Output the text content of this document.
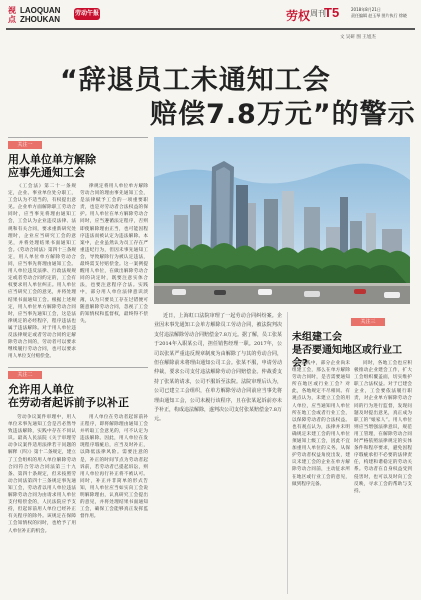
视点
LAOQUAN
ZHOUKAN
劳动午报	劳权 周刊
T5	2018年8月21日
责任编辑 赵玉琴 图片执行 徐晓
文 吴研 图 王旭杰
“辞退员工未通知工会
赔偿7.8万元”的警示
关注一
用人单位单方解除
应事先通知工会
《工会法》第二十一条规定，企业、事业单位处分职工，工会认为不适当的，有权提出意见。企业单方面解除职工劳动合同时，应当事先将理由通知工会，工会认为企业违反法律、法规和有关合同，要求重新研究处理时，企业应当研究工会的意见，并将处理结果书面通知工会。《劳动合同法》第四十三条规定，用人单位单方解除劳动合同，应当事先将理由通知工会。用人单位违反法律、行政法规规定或者劳动合同约定的，工会有权要求用人单位纠正。用人单位应当研究工会的意见，并将处理结果书面通知工会。根据上述规定，用人单位单方解除劳动合同时，应当事先通知工会，这是法律规定的必经程序，程序违法也属于违法解除。对于用人单位违反法律规定或者劳动合同约定解除劳动合同的，劳动者可以要求继续履行劳动合同，也可以要求用人单位支付赔偿金。
律规定将用人单位单方解除劳动合同的理由事先通知工会，是法律赋予工会的一项重要职责，也是对劳动者合法权益的保护。用人单位在单方解除劳动合同时，应当遵循法定程序，否则即使解除理由正当，也可能因程序违法而被认定为违法解除。本案中，企业虽然认为员工存在严重违纪行为，但因未事先通知工会，导致解除行为被认定违法，最终需支付赔偿金。这一案例提醒用人单位，在做出解除劳动合同的决定时，既要注意实体合法，也要注意程序合法。实践中，部分用人单位法律意识淡薄，认为只要员工存在过错便可随意解除劳动合同，忽视了工会的知情权和监督权，最终得不偿失。
关注二
允许用人单位
在劳动者起诉前予以补正
劳动争议案件审理中，用人单位未事先通知工会是否必然导致违法解除，实践中存在不同认识。最高人民法院《关于审理劳动争议案件适用法律若干问题的解释（四）》第十二条规定，建立了工会组织的用人单位解除劳动合同符合劳动合同法第三十九条、第四十条规定，但未按照劳动合同法第四十三条规定事先通知工会，劳动者以用人单位违法解除劳动合同为由请求用人单位支付赔偿金的，人民法院应予支持，但起诉前用人单位已经补正有关程序的除外。该规定在保障工会知情权的同时，也给予了用人单位补正的机会。
用人单位在劳动者起诉前补正程序，即将解除理由通知工会并听取工会意见的，可不认定为违法解除。因此，用人单位在发现程序瑕疵后，应当及时补正，以降低法律风险。需要注意的是，补正的时间节点为劳动者起诉前，若劳动者已提起诉讼，则用人单位再行补正将不被认可。同时，补正并非简单的形式告知，用人单位应当如实向工会说明解除理由，认真研究工会提出的意见，并将处理结果书面通知工会，确保工会能够真正发挥监督作用。
近日，上海虹口法院审理了一起劳动合同纠纷案。企业因未事先通知工会单方解除员工劳动合同，被法院判决支付违法解除劳动合同赔偿金7.8万元。据了解，员工张某于2014年入职某公司，担任销售经理一职。2017年，公司以张某严重违反规章制度为由解除了与其的劳动合同，但在解除前未将理由通知公司工会。张某不服，申请劳动仲裁，要求公司支付违法解除劳动合同赔偿金。仲裁委支持了张某的请求，公司不服诉至法院。法院审理后认为，公司已建立工会组织，在单方解除劳动合同前应当事先将理由通知工会，公司未履行该程序，且在张某起诉前亦未予补正，构成违法解除，遂判决公司支付张某赔偿金7.8万元。
关注三
未组建工会
是否要通知地区或行业工会?
实践中，部分企业尚未组建工会，那么在单方解除劳动合同时，是否需要通知所在地区或行业工会？对此，各地规定不尽相同。有观点认为，未建立工会的用人单位，应当通知用人单位所在地工会或者行业工会，以保障劳动者的合法权益。也有观点认为，法律并未明确规定未建工会的用人单位须通知上级工会，因此不宜加重用人单位的义务。从保护劳动者权益角度出发，建议未建工会的企业在单方解除劳动合同前，主动征求所在地区或行业工会的意见，做到程序完备。
同时，各地工会也应积极推动企业建会工作，扩大工会组织覆盖面，切实维护职工合法权益。对于已建会企业，工会要依法履行职责，对企业单方解除劳动合同的行为进行监督，发现问题及时提出意见，真正成为职工的“娘家人”。用人单位则应当增强法律意识，规范用工管理，在解除劳动合同时严格依照法律规定的实体条件和程序要求，避免因程序瑕疵承担不必要的法律责任，构建和谐稳定的劳动关系。劳动者在自身权益受到侵害时，也可以及时向工会反映，寻求工会的帮助与支持。
